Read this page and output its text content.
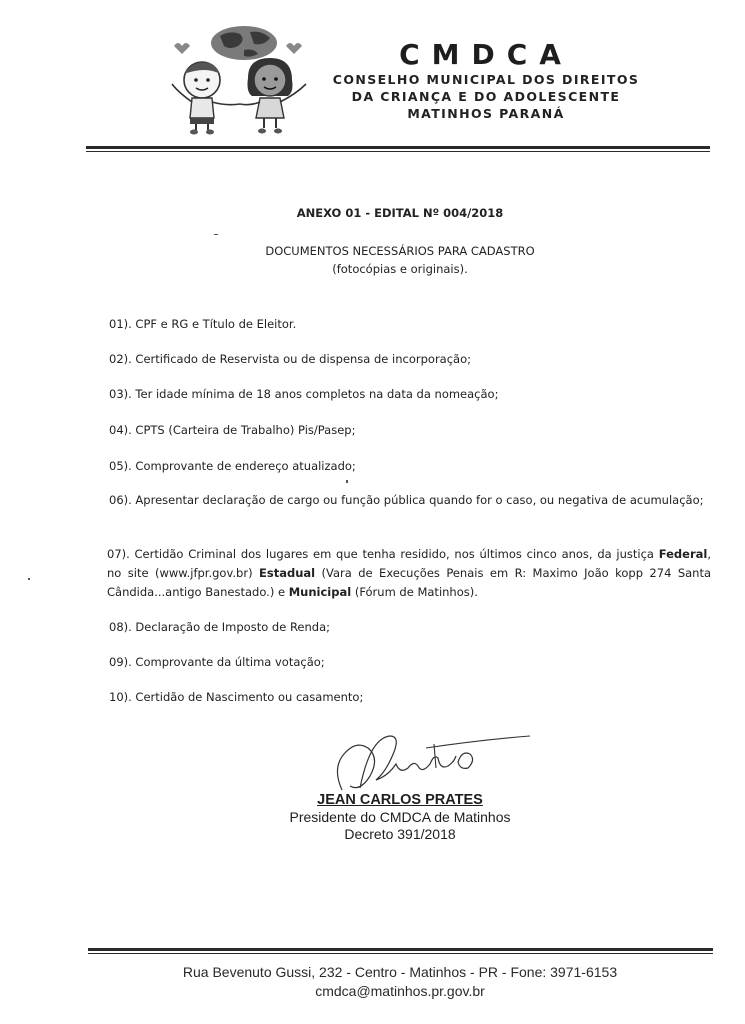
CMDCA
CONSELHO MUNICIPAL DOS DIREITOS
DA CRIANÇA E DO ADOLESCENTE
MATINHOS PARANÁ
ANEXO 01 - EDITAL Nº 004/2018
DOCUMENTOS NECESSÁRIOS PARA CADASTRO
(fotocópias e originais).
01). CPF e RG e Título de Eleitor.
02). Certificado de Reservista ou de dispensa de incorporação;
03). Ter idade mínima de 18 anos completos na data da nomeação;
04). CPTS (Carteira de Trabalho) Pis/Pasep;
05). Comprovante de endereço atualizado;
06). Apresentar declaração de cargo ou função pública quando for o caso, ou negativa de acumulação;
07). Certidão Criminal dos lugares em que tenha residido, nos últimos cinco anos, da justiça Federal, no site (www.jfpr.gov.br) Estadual (Vara de Execuções Penais em R: Maximo João kopp 274 Santa Cândida...antigo Banestado.) e Municipal (Fórum de Matinhos).
08). Declaração de Imposto de Renda;
09). Comprovante da última votação;
10). Certidão de Nascimento ou casamento;
JEAN CARLOS PRATES
Presidente do CMDCA de Matinhos
Decreto 391/2018
Rua Bevenuto Gussi, 232 - Centro - Matinhos - PR - Fone: 3971-6153
cmdca@matinhos.pr.gov.br
